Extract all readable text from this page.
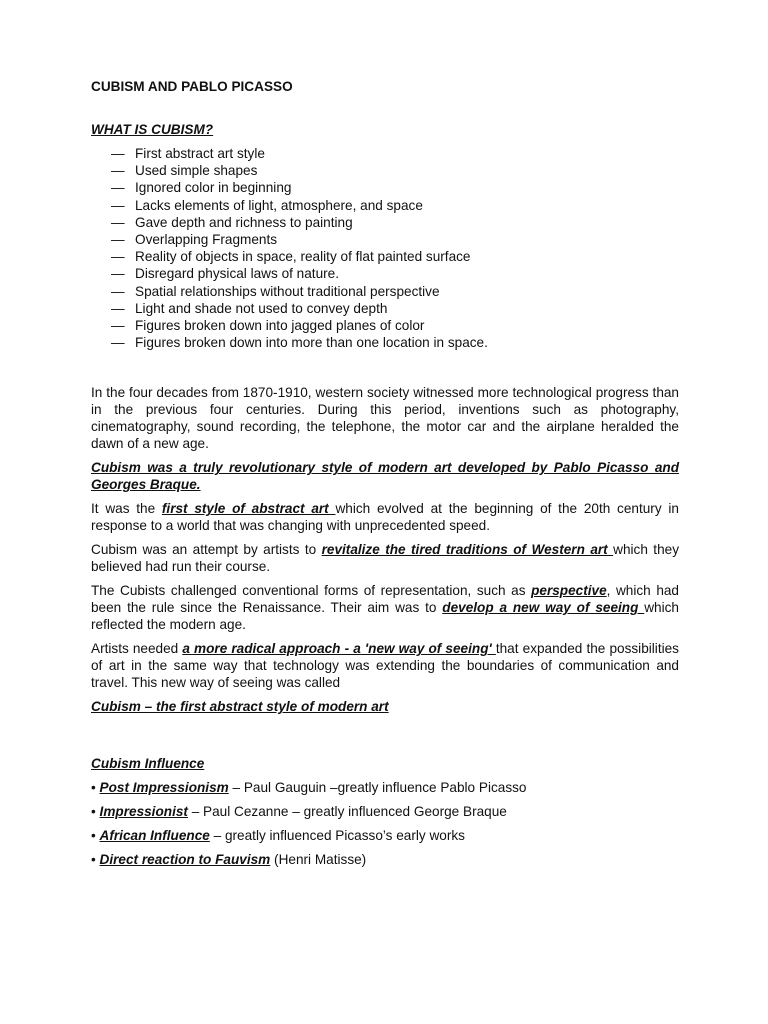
CUBISM AND PABLO PICASSO
WHAT IS CUBISM?
— First abstract art style
— Used simple shapes
— Ignored color in beginning
— Lacks elements of light, atmosphere, and space
— Gave depth and richness to painting
— Overlapping Fragments
— Reality of objects in space, reality of flat painted surface
— Disregard physical laws of nature.
— Spatial relationships without traditional perspective
— Light and shade not used to convey depth
— Figures broken down into jagged planes of color
— Figures broken down into more than one location in space.

In the four decades from 1870-1910, western society witnessed more technological progress than in the previous four centuries. During this period, inventions such as photography, cinematography, sound recording, the telephone, the motor car and the airplane heralded the dawn of a new age.

Cubism was a truly revolutionary style of modern art developed by Pablo Picasso and Georges Braque.

It was the first style of abstract art which evolved at the beginning of the 20th century in response to a world that was changing with unprecedented speed.

Cubism was an attempt by artists to revitalize the tired traditions of Western art which they believed had run their course.

The Cubists challenged conventional forms of representation, such as perspective, which had been the rule since the Renaissance. Their aim was to develop a new way of seeing which reflected the modern age.

Artists needed a more radical approach - a 'new way of seeing' that expanded the possibilities of art in the same way that technology was extending the boundaries of communication and travel. This new way of seeing was called

Cubism – the first abstract style of modern art

Cubism Influence
• Post Impressionism – Paul Gauguin –greatly influence Pablo Picasso
• Impressionist – Paul Cezanne – greatly influenced George Braque
• African Influence – greatly influenced Picasso’s early works
• Direct reaction to Fauvism (Henri Matisse)
